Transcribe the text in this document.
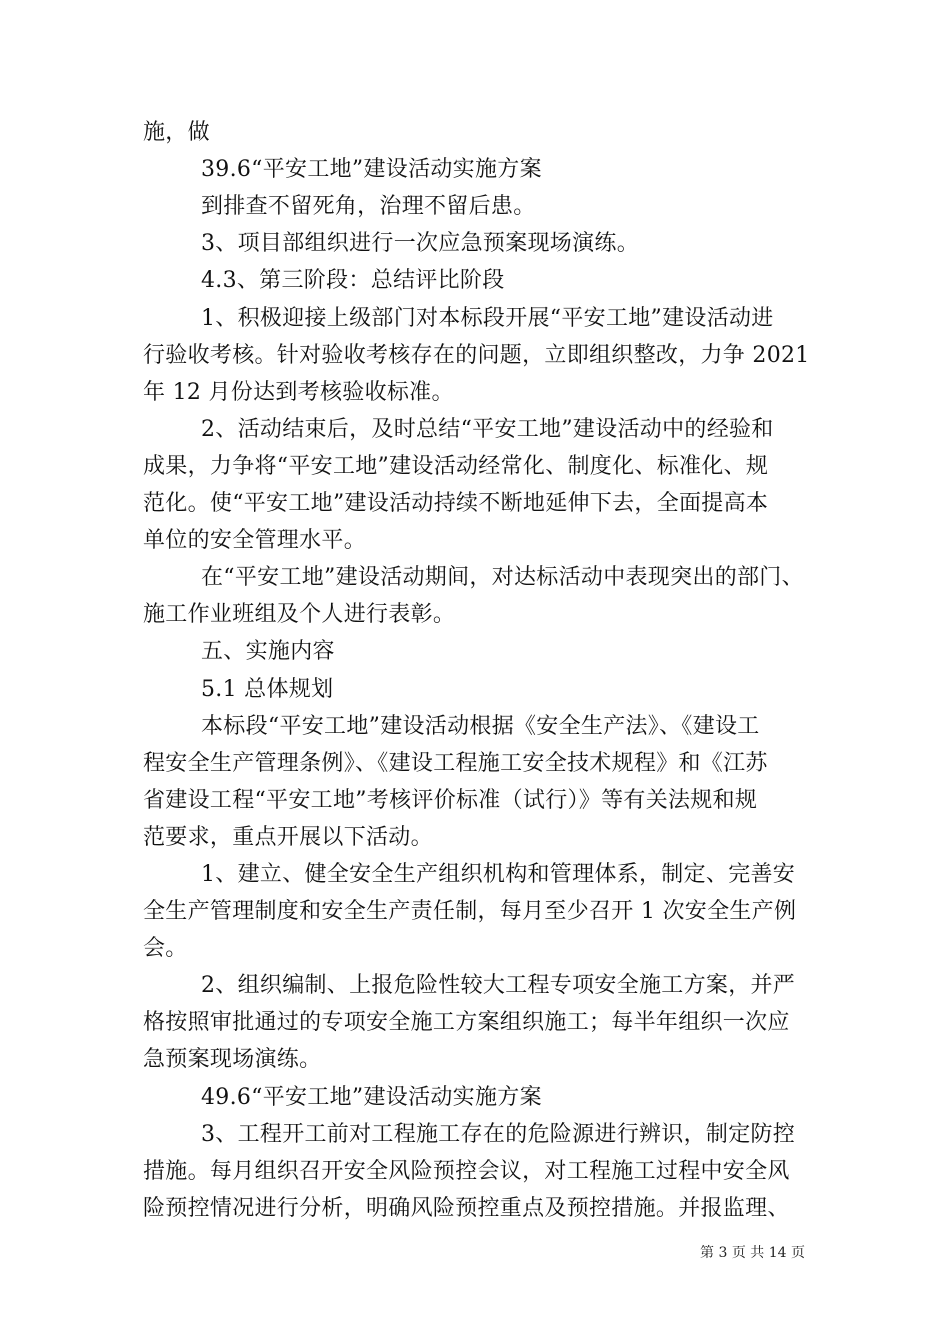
施，做
39.6“平安工地”建设活动实施方案
到排查不留死角，治理不留后患。
3、项目部组织进行一次应急预案现场演练。
4.3、第三阶段：总结评比阶段
1、积极迎接上级部门对本标段开展“平安工地”建设活动进
行验收考核。针对验收考核存在的问题，立即组织整改，力争 2021
年 12 月份达到考核验收标准。
2、活动结束后，及时总结“平安工地”建设活动中的经验和
成果，力争将“平安工地”建设活动经常化、制度化、标准化、规
范化。使“平安工地”建设活动持续不断地延伸下去，全面提高本
单位的安全管理水平。
在“平安工地”建设活动期间，对达标活动中表现突出的部门、
施工作业班组及个人进行表彰。
五、实施内容
5.1 总体规划
本标段“平安工地”建设活动根据《安全生产法》、《建设工
程安全生产管理条例》、《建设工程施工安全技术规程》和《江苏
省建设工程“平安工地”考核评价标准（试行）》等有关法规和规
范要求，重点开展以下活动。
1、建立、健全安全生产组织机构和管理体系，制定、完善安
全生产管理制度和安全生产责任制，每月至少召开 1 次安全生产例
会。
2、组织编制、上报危险性较大工程专项安全施工方案，并严
格按照审批通过的专项安全施工方案组织施工；每半年组织一次应
急预案现场演练。
49.6“平安工地”建设活动实施方案
3、工程开工前对工程施工存在的危险源进行辨识，制定防控
措施。每月组织召开安全风险预控会议，对工程施工过程中安全风
险预控情况进行分析，明确风险预控重点及预控措施。并报监理、
第 3 页 共 14 页
